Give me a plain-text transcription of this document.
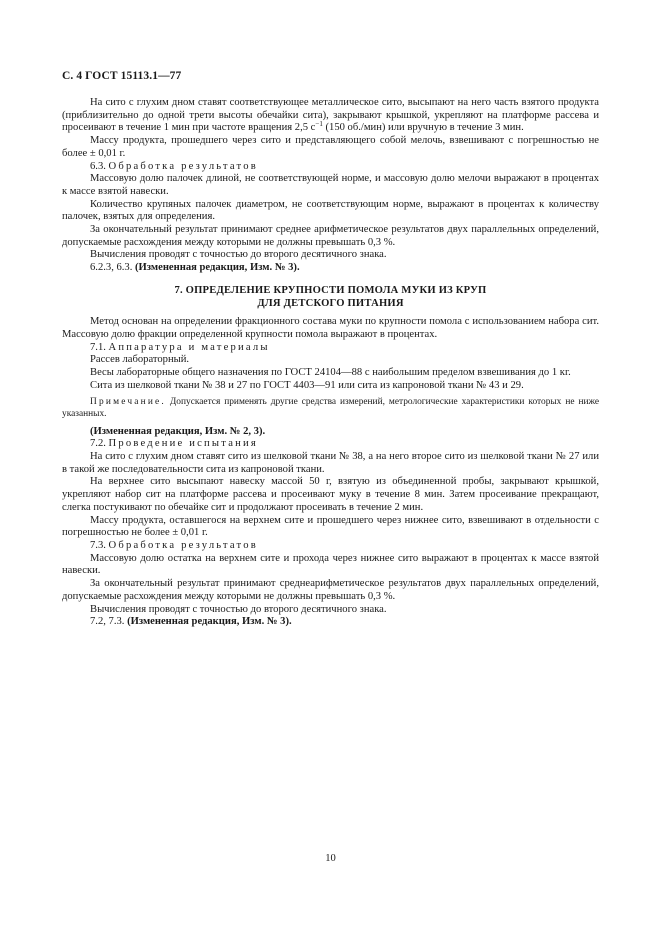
С. 4 ГОСТ 15113.1—77

На сито с глухим дном ставят соответствующее металлическое сито, высыпают на него часть взятого продукта (приблизительно до одной трети высоты обечайки сита), закрывают крышкой, укрепляют на платформе рассева и просеивают в течение 1 мин при частоте вращения 2,5 $с^{-1}$ (150 об./мин) или вручную в течение 3 мин.

Массу продукта, прошедшего через сито и представляющего собой мелочь, взвешивают с погрешностью не более ± 0,01 г.

6.3. Обработка результатов

Массовую долю палочек длиной, не соответствующей норме, и массовую долю мелочи выражают в процентах к массе взятой навески.

Количество крупяных палочек диаметром, не соответствующим норме, выражают в процентах к количеству палочек, взятых для определения.

За окончательный результат принимают среднее арифметическое результатов двух параллельных определений, допускаемые расхождения между которыми не должны превышать 0,3 %.

Вычисления проводят с точностью до второго десятичного знака.

6.2.3, 6.3. (Измененная редакция, Изм. № 3).

7. ОПРЕДЕЛЕНИЕ КРУПНОСТИ ПОМОЛА МУКИ ИЗ КРУП
ДЛЯ ДЕТСКОГО ПИТАНИЯ

Метод основан на определении фракционного состава муки по крупности помола с использованием набора сит. Массовую долю фракции определенной крупности помола выражают в процентах.

7.1. Аппаратура и материалы

Рассев лабораторный.

Весы лабораторные общего назначения по ГОСТ 24104—88 с наибольшим пределом взвешивания до 1 кг.

Сита из шелковой ткани № 38 и 27 по ГОСТ 4403—91 или сита из капроновой ткани № 43 и 29.

Примечание. Допускается применять другие средства измерений, метрологические характеристики которых не ниже указанных.

(Измененная редакция, Изм. № 2, 3).

7.2. Проведение испытания

На сито с глухим дном ставят сито из шелковой ткани № 38, а на него второе сито из шелковой ткани № 27 или в такой же последовательности сита из капроновой ткани.

На верхнее сито высыпают навеску массой 50 г, взятую из объединенной пробы, закрывают крышкой, укрепляют набор сит на платформе рассева и просеивают муку в течение 8 мин. Затем просеивание прекращают, слегка постукивают по обечайке сит и продолжают просеивать в течение 2 мин.

Массу продукта, оставшегося на верхнем сите и прошедшего через нижнее сито, взвешивают в отдельности с погрешностью не более ± 0,01 г.

7.3. Обработка результатов

Массовую долю остатка на верхнем сите и прохода через нижнее сито выражают в процентах к массе взятой навески.

За окончательный результат принимают среднеарифметическое результатов двух параллельных определений, допускаемые расхождения между которыми не должны превышать 0,3 %.

Вычисления проводят с точностью до второго десятичного знака.

7.2, 7.3. (Измененная редакция, Изм. № 3).

10
